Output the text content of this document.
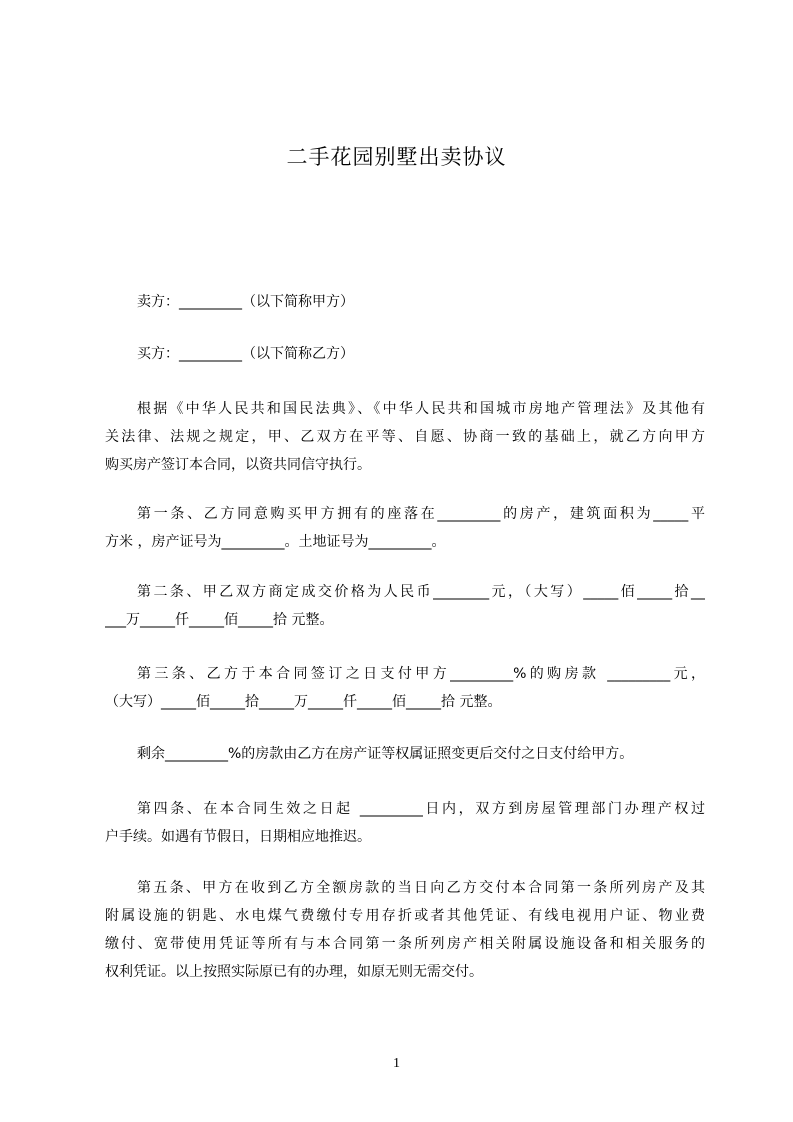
二手花园别墅出卖协议
卖方：_________（以下简称甲方）
买方：_________（以下简称乙方）
根据《中华人民共和国民法典》、《中华人民共和国城市房地产管理法》及其他有
关法律、法规之规定，甲、乙双方在平等、自愿、协商一致的基础上，就乙方向甲方
购买房产签订本合同，以资共同信守执行。
第一条、乙方同意购买甲方拥有的座落在_________的房产，建筑面积为_____平
方米 ，房产证号为_________。土地证号为_________。
第二条、甲乙双方商定成交价格为人民币________元，（大写）_____佰_____拾__
___万_____仟_____佰_____拾 元整。
第三条、乙方于本合同签订之日支付甲方_________%的购房款 _________元，
（大写）_____佰_____拾_____万_____仟_____佰_____拾 元整。
剩余_________%的房款由乙方在房产证等权属证照变更后交付之日支付给甲方。
第四条、在本合同生效之日起 _________日内，双方到房屋管理部门办理产权过
户手续。如遇有节假日，日期相应地推迟。
第五条、甲方在收到乙方全额房款的当日向乙方交付本合同第一条所列房产及其
附属设施的钥匙、水电煤气费缴付专用存折或者其他凭证、有线电视用户证、物业费
缴付、宽带使用凭证等所有与本合同第一条所列房产相关附属设施设备和相关服务的
权利凭证。以上按照实际原已有的办理，如原无则无需交付。
1
